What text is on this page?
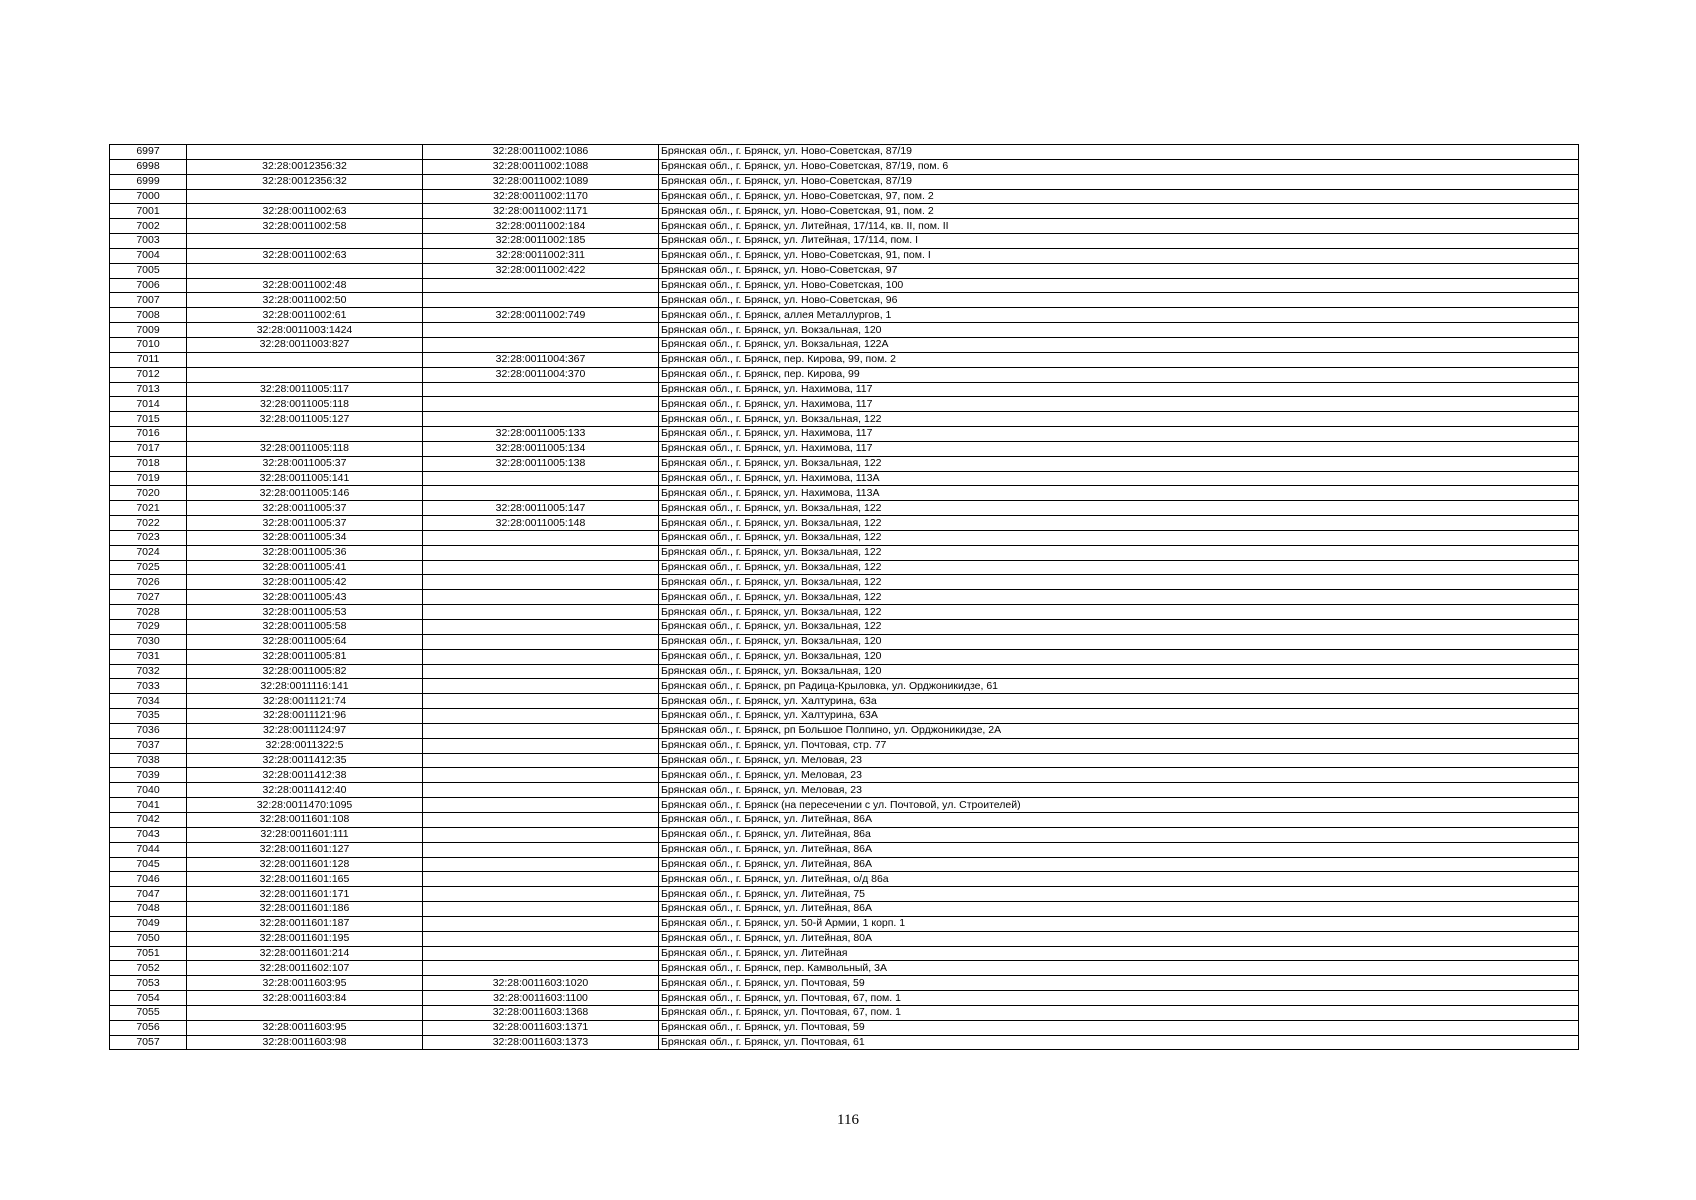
6997		32:28:0011002:1086	Брянская обл., г. Брянск, ул. Ново-Советская, 87/19
6998	32:28:0012356:32	32:28:0011002:1088	Брянская обл., г. Брянск, ул. Ново-Советская, 87/19, пом. 6
6999	32:28:0012356:32	32:28:0011002:1089	Брянская обл., г. Брянск, ул. Ново-Советская, 87/19
7000		32:28:0011002:1170	Брянская обл., г. Брянск, ул. Ново-Советская, 97, пом. 2
7001	32:28:0011002:63	32:28:0011002:1171	Брянская обл., г. Брянск, ул. Ново-Советская, 91, пом. 2
7002	32:28:0011002:58	32:28:0011002:184	Брянская обл., г. Брянск, ул. Литейная, 17/114, кв. II, пом. II
7003		32:28:0011002:185	Брянская обл., г. Брянск, ул. Литейная, 17/114, пом. I
7004	32:28:0011002:63	32:28:0011002:311	Брянская обл., г. Брянск, ул. Ново-Советская, 91, пом. I
7005		32:28:0011002:422	Брянская обл., г. Брянск, ул. Ново-Советская, 97
7006	32:28:0011002:48		Брянская обл., г. Брянск, ул. Ново-Советская, 100
7007	32:28:0011002:50		Брянская обл., г. Брянск, ул. Ново-Советская, 96
7008	32:28:0011002:61	32:28:0011002:749	Брянская обл., г. Брянск, аллея Металлургов, 1
7009	32:28:0011003:1424		Брянская обл., г. Брянск, ул. Вокзальная, 120
7010	32:28:0011003:827		Брянская обл., г. Брянск, ул. Вокзальная, 122А
7011		32:28:0011004:367	Брянская обл., г. Брянск, пер. Кирова, 99, пом. 2
7012		32:28:0011004:370	Брянская обл., г. Брянск, пер. Кирова, 99
7013	32:28:0011005:117		Брянская обл., г. Брянск, ул. Нахимова, 117
7014	32:28:0011005:118		Брянская обл., г. Брянск, ул. Нахимова, 117
7015	32:28:0011005:127		Брянская обл., г. Брянск, ул. Вокзальная, 122
7016		32:28:0011005:133	Брянская обл., г. Брянск, ул. Нахимова, 117
7017	32:28:0011005:118	32:28:0011005:134	Брянская обл., г. Брянск, ул. Нахимова, 117
7018	32:28:0011005:37	32:28:0011005:138	Брянская обл., г. Брянск, ул. Вокзальная, 122
7019	32:28:0011005:141		Брянская обл., г. Брянск, ул. Нахимова, 113А
7020	32:28:0011005:146		Брянская обл., г. Брянск, ул. Нахимова, 113А
7021	32:28:0011005:37	32:28:0011005:147	Брянская обл., г. Брянск, ул. Вокзальная, 122
7022	32:28:0011005:37	32:28:0011005:148	Брянская обл., г. Брянск, ул. Вокзальная, 122
7023	32:28:0011005:34		Брянская обл., г. Брянск, ул. Вокзальная, 122
7024	32:28:0011005:36		Брянская обл., г. Брянск, ул. Вокзальная, 122
7025	32:28:0011005:41		Брянская обл., г. Брянск, ул. Вокзальная, 122
7026	32:28:0011005:42		Брянская обл., г. Брянск, ул. Вокзальная, 122
7027	32:28:0011005:43		Брянская обл., г. Брянск, ул. Вокзальная, 122
7028	32:28:0011005:53		Брянская обл., г. Брянск, ул. Вокзальная, 122
7029	32:28:0011005:58		Брянская обл., г. Брянск, ул. Вокзальная, 122
7030	32:28:0011005:64		Брянская обл., г. Брянск, ул. Вокзальная, 120
7031	32:28:0011005:81		Брянская обл., г. Брянск, ул. Вокзальная, 120
7032	32:28:0011005:82		Брянская обл., г. Брянск, ул. Вокзальная, 120
7033	32:28:0011116:141		Брянская обл., г. Брянск, рп Радица-Крыловка, ул. Орджоникидзе, 61
7034	32:28:0011121:74		Брянская обл., г. Брянск, ул. Халтурина, 63а
7035	32:28:0011121:96		Брянская обл., г. Брянск, ул. Халтурина, 63А
7036	32:28:0011124:97		Брянская обл., г. Брянск, рп Большое Полпино, ул. Орджоникидзе, 2А
7037	32:28:0011322:5		Брянская обл., г. Брянск, ул. Почтовая, стр. 77
7038	32:28:0011412:35		Брянская обл., г. Брянск, ул. Меловая, 23
7039	32:28:0011412:38		Брянская обл., г. Брянск, ул. Меловая, 23
7040	32:28:0011412:40		Брянская обл., г. Брянск, ул. Меловая, 23
7041	32:28:0011470:1095		Брянская обл., г. Брянск (на пересечении с ул. Почтовой, ул. Строителей)
7042	32:28:0011601:108		Брянская обл., г. Брянск, ул. Литейная, 86А
7043	32:28:0011601:111		Брянская обл., г. Брянск, ул. Литейная, 86а
7044	32:28:0011601:127		Брянская обл., г. Брянск, ул. Литейная, 86А
7045	32:28:0011601:128		Брянская обл., г. Брянск, ул. Литейная, 86А
7046	32:28:0011601:165		Брянская обл., г. Брянск, ул. Литейная, о/д 86а
7047	32:28:0011601:171		Брянская обл., г. Брянск, ул. Литейная, 75
7048	32:28:0011601:186		Брянская обл., г. Брянск, ул. Литейная, 86А
7049	32:28:0011601:187		Брянская обл., г. Брянск, ул. 50-й Армии, 1 корп. 1
7050	32:28:0011601:195		Брянская обл., г. Брянск, ул. Литейная, 80А
7051	32:28:0011601:214		Брянская обл., г. Брянск, ул. Литейная
7052	32:28:0011602:107		Брянская обл., г. Брянск, пер. Камвольный, 3А
7053	32:28:0011603:95	32:28:0011603:1020	Брянская обл., г. Брянск, ул. Почтовая, 59
7054	32:28:0011603:84	32:28:0011603:1100	Брянская обл., г. Брянск, ул. Почтовая, 67, пом. 1
7055		32:28:0011603:1368	Брянская обл., г. Брянск, ул. Почтовая, 67, пом. 1
7056	32:28:0011603:95	32:28:0011603:1371	Брянская обл., г. Брянск, ул. Почтовая, 59
7057	32:28:0011603:98	32:28:0011603:1373	Брянская обл., г. Брянск, ул. Почтовая, 61
116
